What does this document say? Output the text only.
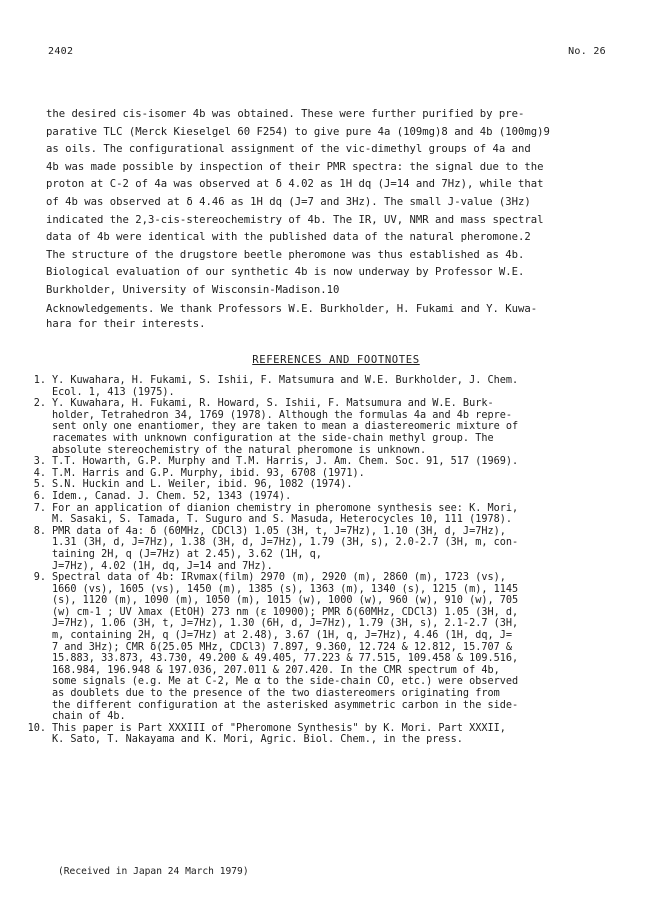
2402	No. 26
the desired cis-isomer 4b was obtained. These were further purified by pre-
parative TLC (Merck Kieselgel 60 F254) to give pure 4a (109mg)8 and 4b (100mg)9
as oils. The configurational assignment of the vic-dimethyl groups of 4a and
4b was made possible by inspection of their PMR spectra: the signal due to the
proton at C-2 of 4a was observed at δ 4.02 as 1H dq (J=14 and 7Hz), while that
of 4b was observed at δ 4.46 as 1H dq (J=7 and 3Hz). The small J-value (3Hz)
indicated the 2,3-cis-stereochemistry of 4b. The IR, UV, NMR and mass spectral
data of 4b were identical with the published data of the natural pheromone.2
The structure of the drugstore beetle pheromone was thus established as 4b.
Biological evaluation of our synthetic 4b is now underway by Professor W.E.
Burkholder, University of Wisconsin-Madison.10
Acknowledgements. We thank Professors W.E. Burkholder, H. Fukami and Y. Kuwa-
hara for their interests.
REFERENCES AND FOOTNOTES
1. Y. Kuwahara, H. Fukami, S. Ishii, F. Matsumura and W.E. Burkholder, J. Chem.
Ecol. 1, 413 (1975).
2. Y. Kuwahara, H. Fukami, R. Howard, S. Ishii, F. Matsumura and W.E. Burk-
holder, Tetrahedron 34, 1769 (1978). Although the formulas 4a and 4b repre-
sent only one enantiomer, they are taken to mean a diastereomeric mixture of
racemates with unknown configuration at the side-chain methyl group. The
absolute stereochemistry of the natural pheromone is unknown.
3. T.T. Howarth, G.P. Murphy and T.M. Harris, J. Am. Chem. Soc. 91, 517 (1969).
4. T.M. Harris and G.P. Murphy, ibid. 93, 6708 (1971).
5. S.N. Huckin and L. Weiler, ibid. 96, 1082 (1974).
6. Idem., Canad. J. Chem. 52, 1343 (1974).
7. For an application of dianion chemistry in pheromone synthesis see: K. Mori,
M. Sasaki, S. Tamada, T. Suguro and S. Masuda, Heterocycles 10, 111 (1978).
8. PMR data of 4a: δ (60MHz, CDCl3) 1.05 (3H, t, J=7Hz), 1.10 (3H, d, J=7Hz),
1.31 (3H, d, J=7Hz), 1.38 (3H, d, J=7Hz), 1.79 (3H, s), 2.0-2.7 (3H, m, con-
taining 2H, q (J=7Hz) at 2.45), 3.62 (1H, q,
J=7Hz), 4.02 (1H, dq, J=14 and 7Hz).
9. Spectral data of 4b: IRνmax(film) 2970 (m), 2920 (m), 2860 (m), 1723 (vs),
1660 (vs), 1605 (vs), 1450 (m), 1385 (s), 1363 (m), 1340 (s), 1215 (m), 1145
(s), 1120 (m), 1090 (m), 1050 (m), 1015 (w), 1000 (w), 960 (w), 910 (w), 705
(w) cm-1 ; UV λmax (EtOH) 273 nm (ε 10900); PMR δ(60MHz, CDCl3) 1.05 (3H, d,
J=7Hz), 1.06 (3H, t, J=7Hz), 1.30 (6H, d, J=7Hz), 1.79 (3H, s), 2.1-2.7 (3H,
m, containing 2H, q (J=7Hz) at 2.48), 3.67 (1H, q, J=7Hz), 4.46 (1H, dq, J=
7 and 3Hz); CMR δ(25.05 MHz, CDCl3) 7.897, 9.360, 12.724 & 12.812, 15.707 &
15.883, 33.873, 43.730, 49.200 & 49.405, 77.223 & 77.515, 109.458 & 109.516,
168.984, 196.948 & 197.036, 207.011 & 207.420. In the CMR spectrum of 4b,
some signals (e.g. Me at C-2, Me α to the side-chain CO, etc.) were observed
as doublets due to the presence of the two diastereomers originating from
the different configuration at the asterisked asymmetric carbon in the side-
chain of 4b.
10. This paper is Part XXXIII of "Pheromone Synthesis" by K. Mori. Part XXXII,
K. Sato, T. Nakayama and K. Mori, Agric. Biol. Chem., in the press.
(Received in Japan 24 March 1979)
